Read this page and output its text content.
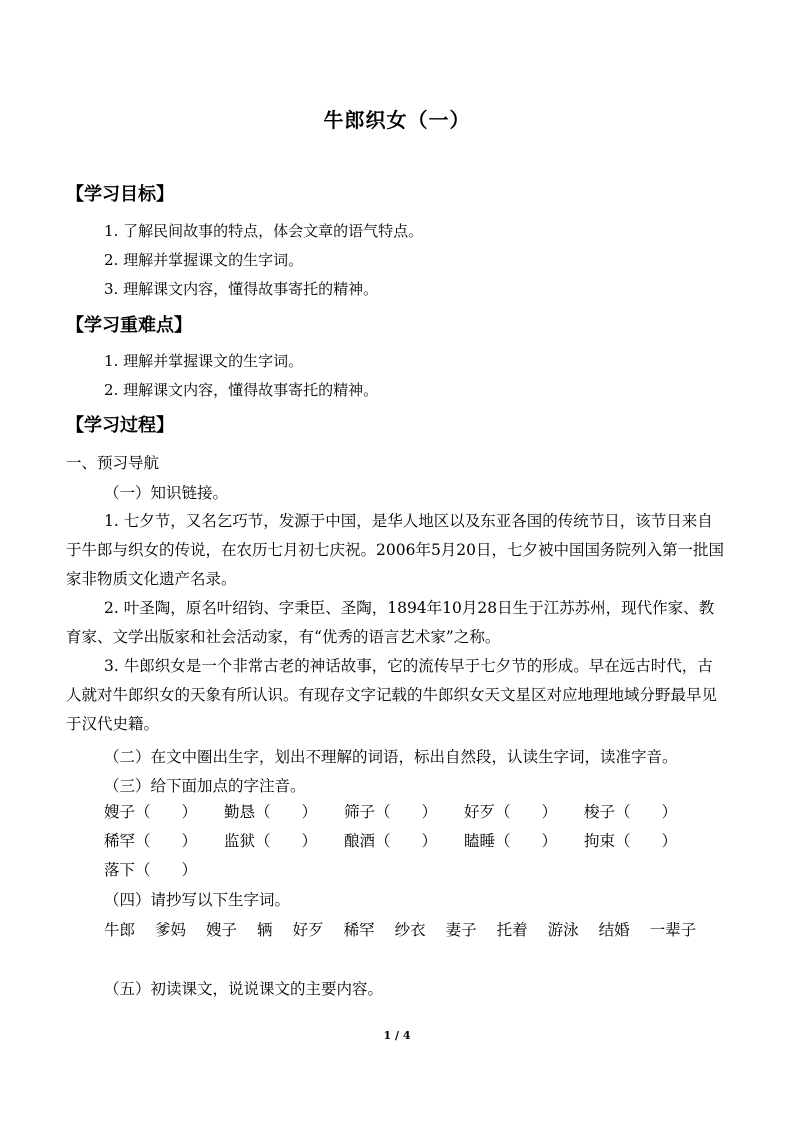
牛郎织女（一）
【学习目标】
1. 了解民间故事的特点，体会文章的语气特点。
2. 理解并掌握课文的生字词。
3. 理解课文内容，懂得故事寄托的精神。
【学习重难点】
1. 理解并掌握课文的生字词。
2. 理解课文内容，懂得故事寄托的精神。
【学习过程】
一、预习导航
（一）知识链接。
1. 七夕节，又名乞巧节，发源于中国，是华人地区以及东亚各国的传统节日，该节日来自于牛郎与织女的传说，在农历七月初七庆祝。2006年5月20日，七夕被中国国务院列入第一批国家非物质文化遗产名录。
2. 叶圣陶，原名叶绍钧、字秉臣、圣陶，1894年10月28日生于江苏苏州，现代作家、教育家、文学出版家和社会活动家，有“优秀的语言艺术家”之称。
3. 牛郎织女是一个非常古老的神话故事，它的流传早于七夕节的形成。早在远古时代，古人就对牛郎织女的天象有所认识。有现存文字记载的牛郎织女天文星区对应地理地域分野最早见于汉代史籍。
（二）在文中圈出生字，划出不理解的词语，标出自然段，认读生字词，读准字音。
（三）给下面加点的字注音。
嫂子（　　） 勤恳（　　） 筛子（　　） 好歹（　　） 梭子（　　）
稀罕（　　） 监狱（　　） 酿酒（　　） 瞌睡（　　） 拘束（　　）
落下（　　）
（四）请抄写以下生字词。
牛郎 爹妈 嫂子 辆 好歹 稀罕 纱衣 妻子 托着 游泳 结婚 一辈子
（五）初读课文，说说课文的主要内容。
1 / 4
